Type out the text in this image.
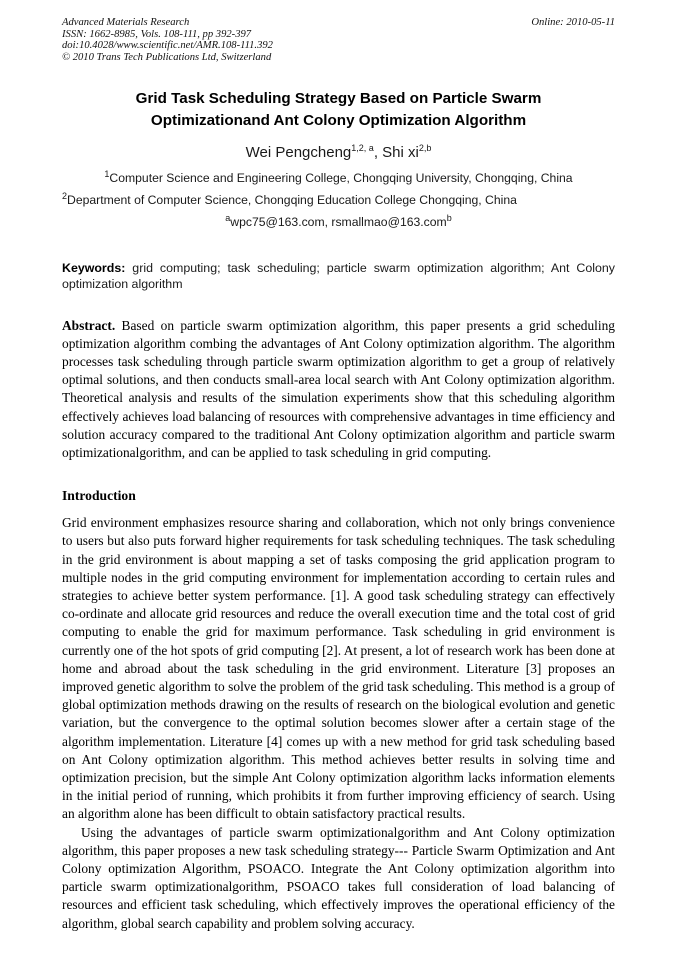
Advanced Materials Research
ISSN: 1662-8985, Vols. 108-111, pp 392-397
doi:10.4028/www.scientific.net/AMR.108-111.392
© 2010 Trans Tech Publications Ltd, Switzerland
Online: 2010-05-11
Grid Task Scheduling Strategy Based on Particle Swarm
Optimizationand Ant Colony Optimization Algorithm
Wei Pengcheng$^{1,2, a}$, Shi xi$^{2,b}$
$^1$Computer Science and Engineering College, Chongqing University, Chongqing, China
$^2$Department of Computer Science, Chongqing Education College Chongqing, China
$^a$wpc75@163.com, rsmallmao@163.com$^b$

Keywords: grid computing; task scheduling; particle swarm optimization algorithm; Ant Colony optimization algorithm

Abstract. Based on particle swarm optimization algorithm, this paper presents a grid scheduling optimization algorithm combing the advantages of Ant Colony optimization algorithm. The algorithm processes task scheduling through particle swarm optimization algorithm to get a group of relatively optimal solutions, and then conducts small-area local search with Ant Colony optimization algorithm. Theoretical analysis and results of the simulation experiments show that this scheduling algorithm effectively achieves load balancing of resources with comprehensive advantages in time efficiency and solution accuracy compared to the traditional Ant Colony optimization algorithm and particle swarm optimizationalgorithm, and can be applied to task scheduling in grid computing.

Introduction

Grid environment emphasizes resource sharing and collaboration, which not only brings convenience to users but also puts forward higher requirements for task scheduling techniques. The task scheduling in the grid environment is about mapping a set of tasks composing the grid application program to multiple nodes in the grid computing environment for implementation according to certain rules and strategies to achieve better system performance. [1]. A good task scheduling strategy can effectively co-ordinate and allocate grid resources and reduce the overall execution time and the total cost of grid computing to enable the grid for maximum performance. Task scheduling in grid environment is currently one of the hot spots of grid computing [2]. At present, a lot of research work has been done at home and abroad about the task scheduling in the grid environment. Literature [3] proposes an improved genetic algorithm to solve the problem of the grid task scheduling. This method is a group of global optimization methods drawing on the results of research on the biological evolution and genetic variation, but the convergence to the optimal solution becomes slower after a certain stage of the algorithm implementation. Literature [4] comes up with a new method for grid task scheduling based on Ant Colony optimization algorithm. This method achieves better results in solving time and optimization precision, but the simple Ant Colony optimization algorithm lacks information elements in the initial period of running, which prohibits it from further improving efficiency of search. Using an algorithm alone has been difficult to obtain satisfactory practical results.

Using the advantages of particle swarm optimizationalgorithm and Ant Colony optimization algorithm, this paper proposes a new task scheduling strategy--- Particle Swarm Optimization and Ant Colony optimization Algorithm, PSOACO. Integrate the Ant Colony optimization algorithm into particle swarm optimizationalgorithm, PSOACO takes full consideration of load balancing of resources and efficient task scheduling, which effectively improves the operational efficiency of the algorithm, global search capability and problem solving accuracy.
